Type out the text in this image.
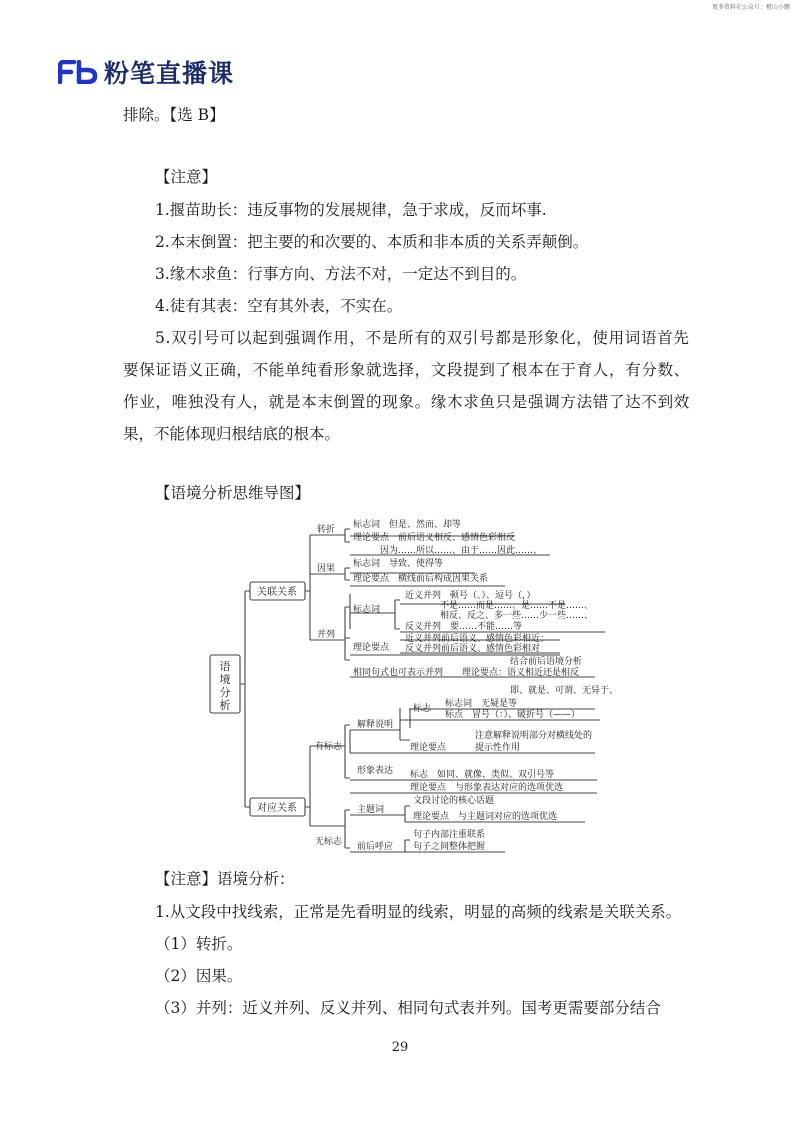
更多资料社公众号：橙山小鹏
粉笔直播课
排除。【选 B】
【注意】
1.揠苗助长：违反事物的发展规律，急于求成，反而坏事.
2.本末倒置：把主要的和次要的、本质和非本质的关系弄颠倒。
3.缘木求鱼：行事方向、方法不对，一定达不到目的。
4.徒有其表：空有其外表，不实在。
5.双引号可以起到强调作用，不是所有的双引号都是形象化，使用词语首先
要保证语义正确，不能单纯看形象就选择，文段提到了根本在于育人，有分数、
作业，唯独没有人，就是本末倒置的现象。缘木求鱼只是强调方法错了达不到效
果，不能体现归根结底的根本。
【语境分析思维导图】
语境分析
关联关系
对应关系
转折 标志词　但是、然而、却等
理论要点　前后语义相反、感情色彩相反
因果
因为……所以……、由于……因此……、
标志词　导致、使得等
理论要点　横线前后构成因果关系
并列
标志词
近义并列　顿号（、）、逗号（，）
不是……而是……、是……不是……、
相反、反之、多一些……少一些……、
反义并列　要……不能……等
近义并列前后语义、感情色彩相近；
理论要点 反义并列前后语义、感情色彩相对
结合前后语境分析
相同句式也可表示并列 理论要点：语义相近还是相反
有标志
解释说明
标志
即、就是、可谓、无异于、
标志词　无疑是等
标点　冒号（：）、破折号（——）
注意解释说明部分对横线处的
理论要点	提示性作用
形象表达 标志　如同、就像、类似、双引号等
理论要点　与形象表达对应的选项优选
无标志
主题词
文段讨论的核心话题
理论要点　与主题词对应的选项优选
前后呼应
句子内部注重联系
句子之间整体把握
【注意】语境分析：
1.从文段中找线索，正常是先看明显的线索，明显的高频的线索是关联关系。
（1）转折。
（2）因果。
（3）并列：近义并列、反义并列、相同句式表并列。国考更需要部分结合
29
